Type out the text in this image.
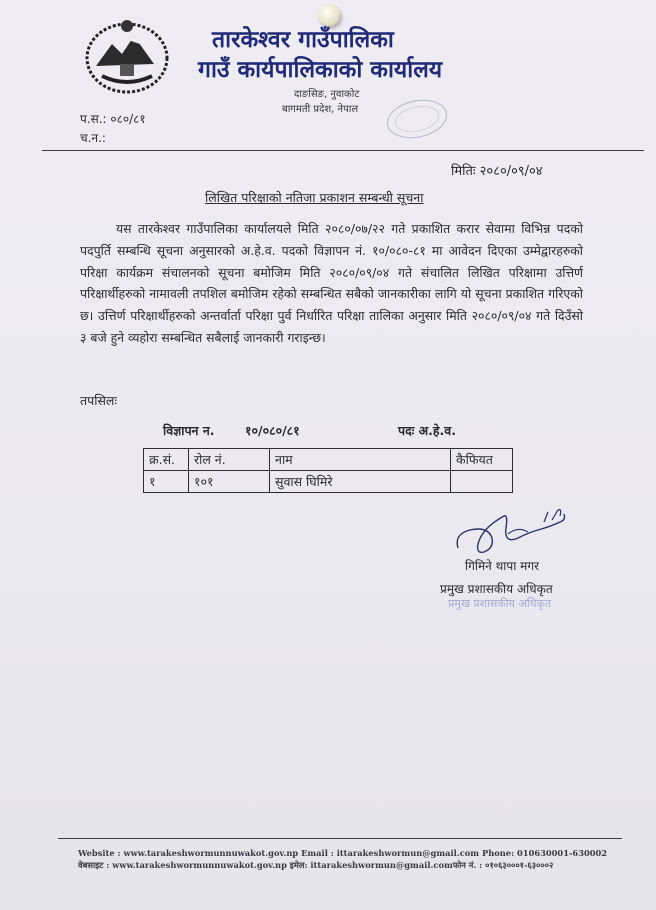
तारकेश्वर गाउँपालिका
गाउँ कार्यपालिकाको कार्यालय
दाङसिङ, नुवाकोट
बागमती प्रदेश, नेपाल
प.स.: ०८०/८१
च.न.:
मितिः २०८०/०९/०४
लिखित परिक्षाको नतिजा प्रकाशन सम्बन्धी सूचना

यस तारकेश्वर गाउँपालिका कार्यालयले मिति २०८०/०७/२२ गते प्रकाशित करार सेवामा विभिन्न पदको पदपुर्ति सम्बन्धि सूचना अनुसारको अ.हे.व. पदको विज्ञापन नं. १०/०८०-८१ मा आवेदन दिएका उम्मेद्वारहरुको परिक्षा कार्यक्रम संचालनको सूचना बमोजिम मिति २०८०/०९/०४ गते संचालित लिखित परिक्षामा उत्तिर्ण परिक्षार्थीहरुको नामावली तपशिल बमोजिम रहेको सम्बन्धित सबैको जानकारीका लागि यो सूचना प्रकाशित गरिएको छ। उत्तिर्ण परिक्षार्थीहरुको अन्तर्वार्ता परिक्षा पुर्व निर्धारित परिक्षा तालिका अनुसार मिति २०८०/०९/०४ गते दिउँसो ३ बजे हुने व्यहोरा सम्बन्धित सबैलाई जानकारी गराइन्छ।

तपसिलः
विज्ञापन न. १०/०८०/८१	पदः अ.हे.व.
क्र.सं.	रोल नं.	नाम	कैफियत
१	१०१	सुवास घिमिरे	
गिमिने थापा मगर
प्रमुख प्रशासकीय अधिकृत
प्रमुख प्रशासकीय अधिकृत
Website : www.tarakeshwormunnuwakot.gov.np Email : ittarakeshwormun@gmail.com Phone: 010630001-630002
वेबसाइट : www.tarakeshwormunnuwakot.gov.np इमेल: ittarakeshwormun@gmail.comफोन नं. : ०१०६३०००१-६३०००२
